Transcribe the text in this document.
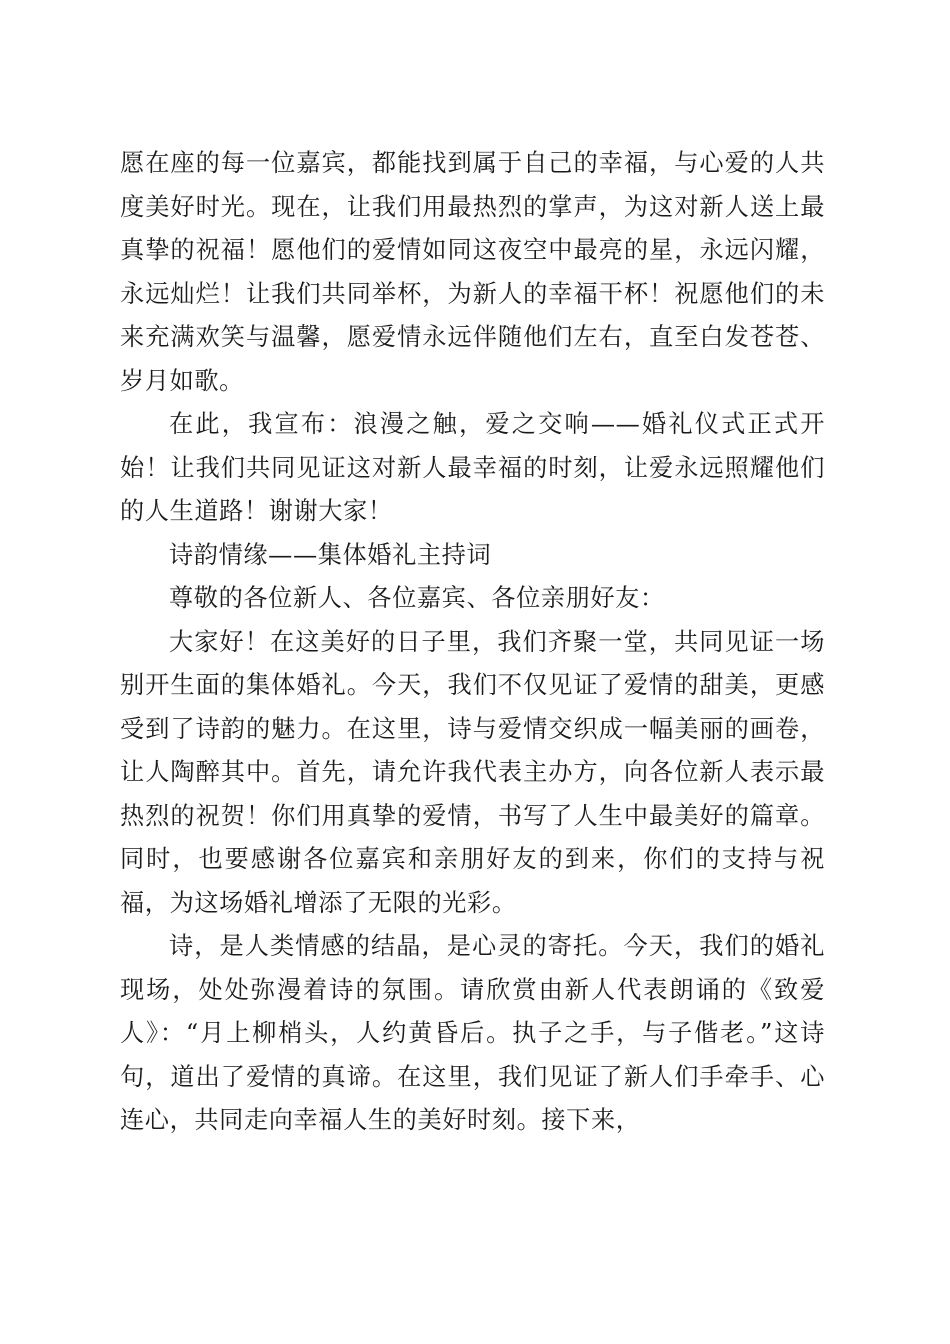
愿在座的每一位嘉宾，都能找到属于自己的幸福，与心爱的人共度美好时光。现在，让我们用最热烈的掌声，为这对新人送上最真挚的祝福！愿他们的爱情如同这夜空中最亮的星，永远闪耀，永远灿烂！让我们共同举杯，为新人的幸福干杯！祝愿他们的未来充满欢笑与温馨，愿爱情永远伴随他们左右，直至白发苍苍、岁月如歌。

在此，我宣布：浪漫之触，爱之交响——婚礼仪式正式开始！让我们共同见证这对新人最幸福的时刻，让爱永远照耀他们的人生道路！谢谢大家！

诗韵情缘——集体婚礼主持词

尊敬的各位新人、各位嘉宾、各位亲朋好友：

大家好！在这美好的日子里，我们齐聚一堂，共同见证一场别开生面的集体婚礼。今天，我们不仅见证了爱情的甜美，更感受到了诗韵的魅力。在这里，诗与爱情交织成一幅美丽的画卷，让人陶醉其中。首先，请允许我代表主办方，向各位新人表示最热烈的祝贺！你们用真挚的爱情，书写了人生中最美好的篇章。同时，也要感谢各位嘉宾和亲朋好友的到来，你们的支持与祝福，为这场婚礼增添了无限的光彩。

诗，是人类情感的结晶，是心灵的寄托。今天，我们的婚礼现场，处处弥漫着诗的氛围。请欣赏由新人代表朗诵的《致爱人》：“月上柳梢头，人约黄昏后。执子之手，与子偕老。”这诗句，道出了爱情的真谛。在这里，我们见证了新人们手牵手、心连心，共同走向幸福人生的美好时刻。接下来，
